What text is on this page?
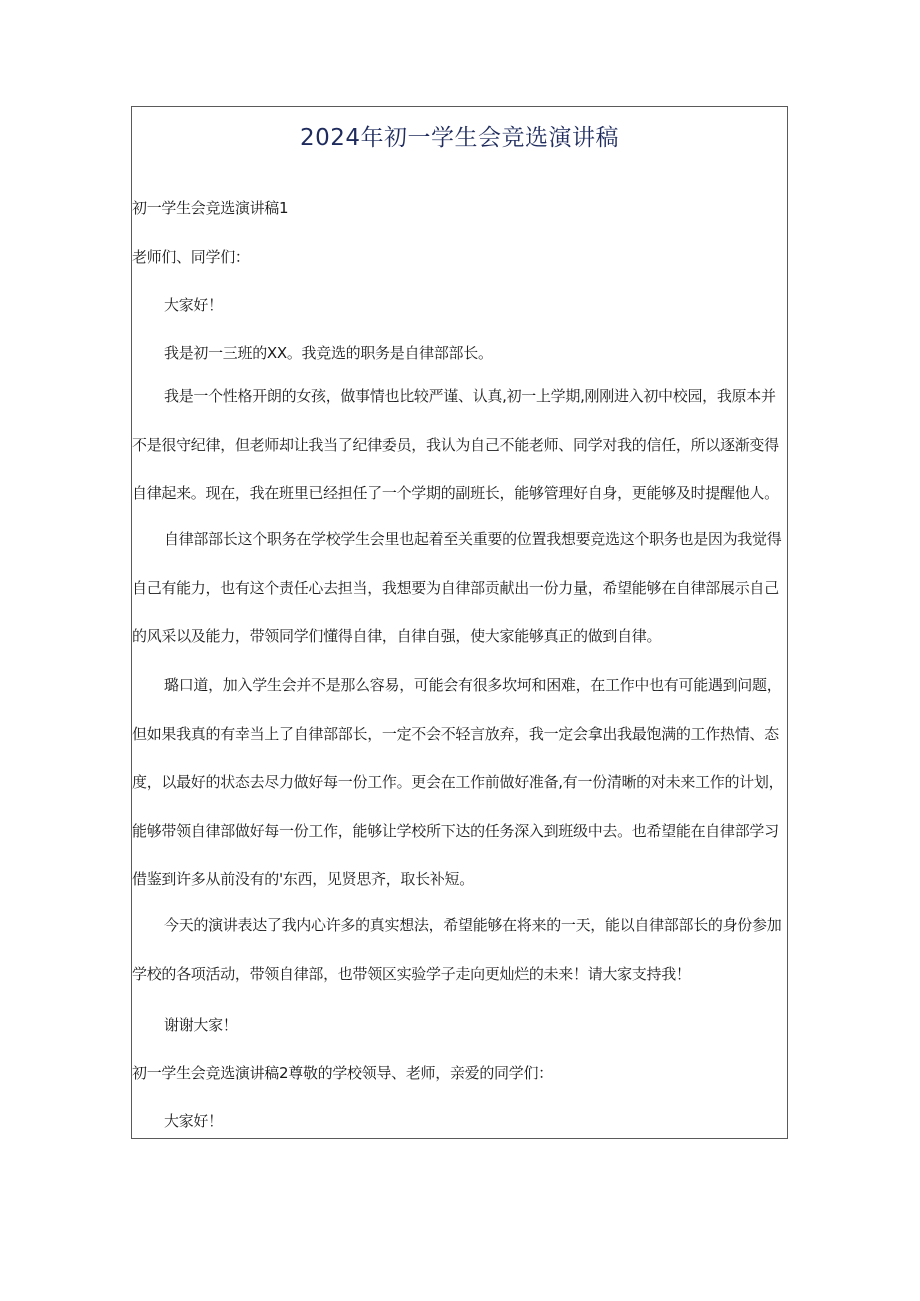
2024年初一学生会竞选演讲稿
初一学生会竞选演讲稿1
老师们、同学们：
大家好！
我是初一三班的XX。我竞选的职务是自律部部长。
我是一个性格开朗的女孩，做事情也比较严谨、认真,初一上学期,刚刚进入初中校园，我原本并不是很守纪律，但老师却让我当了纪律委员，我认为自己不能老师、同学对我的信任，所以逐渐变得自律起来。现在，我在班里已经担任了一个学期的副班长，能够管理好自身，更能够及时提醒他人。
自律部部长这个职务在学校学生会里也起着至关重要的位置我想要竞选这个职务也是因为我觉得自己有能力，也有这个责任心去担当，我想要为自律部贡献出一份力量，希望能够在自律部展示自己的风采以及能力，带领同学们懂得自律，自律自强，使大家能够真正的做到自律。
璐口道，加入学生会并不是那么容易，可能会有很多坎坷和困难，在工作中也有可能遇到问题，但如果我真的有幸当上了自律部部长，一定不会不轻言放弃，我一定会拿出我最饱满的工作热情、态度，以最好的状态去尽力做好每一份工作。更会在工作前做好准备,有一份清晰的对未来工作的计划，能够带领自律部做好每一份工作，能够让学校所下达的任务深入到班级中去。也希望能在自律部学习借鉴到许多从前没有的'东西，见贤思齐，取长补短。
今天的演讲表达了我内心许多的真实想法，希望能够在将来的一天，能以自律部部长的身份参加学校的各项活动，带领自律部，也带领区实验学子走向更灿烂的未来！请大家支持我！
谢谢大家！
初一学生会竞选演讲稿2尊敬的学校领导、老师，亲爱的同学们：
大家好！
